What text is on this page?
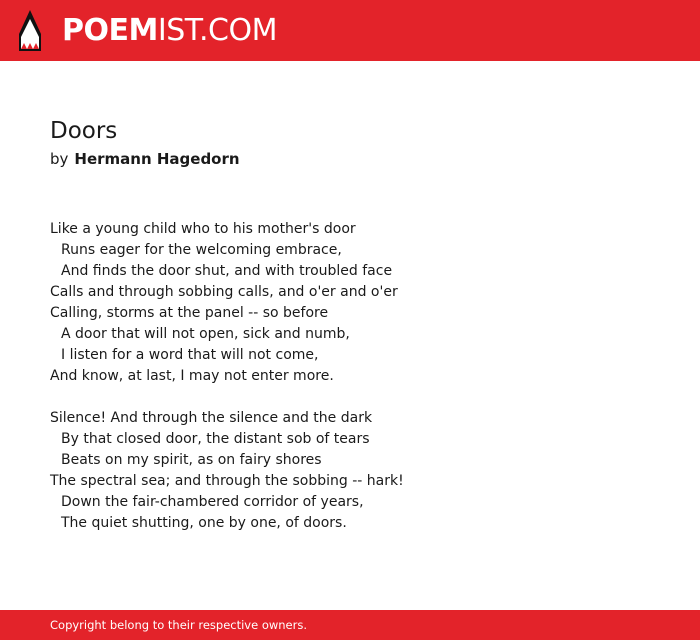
POEMIST.COM
Doors
by Hermann Hagedorn
Like a young child who to his mother's door
Runs eager for the welcoming embrace,
And finds the door shut, and with troubled face
Calls and through sobbing calls, and o'er and o'er
Calling, storms at the panel -- so before
A door that will not open, sick and numb,
I listen for a word that will not come,
And know, at last, I may not enter more.
Silence! And through the silence and the dark
By that closed door, the distant sob of tears
Beats on my spirit, as on fairy shores
The spectral sea; and through the sobbing -- hark!
Down the fair-chambered corridor of years,
The quiet shutting, one by one, of doors.
Copyright belong to their respective owners.
